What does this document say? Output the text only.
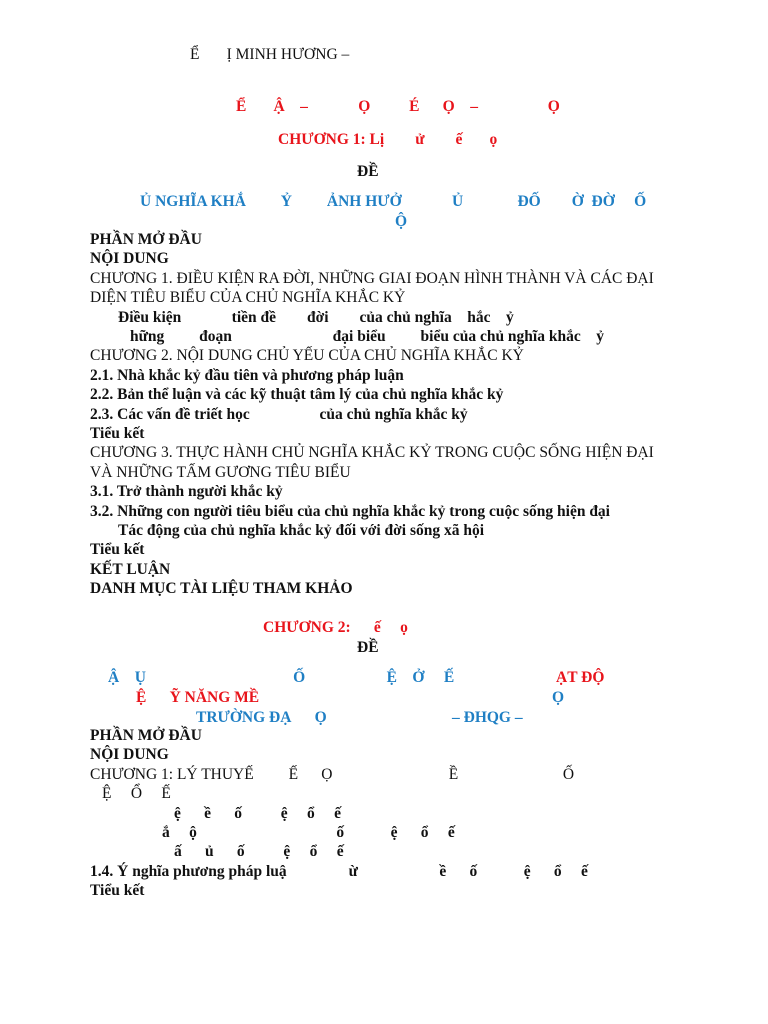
Ể       Ị MINH HƯƠNG –
Ể       Ậ    –             Ọ          É      Ọ    –                  Ọ
CHƯƠNG 1: Lị        ử        ế       ọ
ĐỀ
Ủ NGHĨA KHẮ         Ỷ         ẢNH HƯỞ             Ủ              ĐỐ        Ờ  ĐỜ     Ố
Ộ
PHẦN MỞ ĐẦU
NỘI DUNG
CHƯƠNG 1. ĐIỀU KIỆN RA ĐỜI, NHỮNG GIAI ĐOẠN HÌNH THÀNH VÀ CÁC ĐẠI
DIỆN TIÊU BIỂU CỦA CHỦ NGHĨA KHẮC KỶ
Điều kiện             tiền đề        đời        của chủ nghĩa    hắc    ỷ
hững         đoạn                          đại biểu         biểu của chủ nghĩa khắc    ỷ
CHƯƠNG 2. NỘI DUNG CHỦ YẾU CỦA CHỦ NGHĨA KHẮC KỶ
2.1. Nhà khắc kỷ đầu tiên và phương pháp luận
2.2. Bản thể luận và các kỹ thuật tâm lý của chủ nghĩa khắc kỷ
2.3. Các vấn đề triết học                  của chủ nghĩa khắc kỷ
Tiểu kết
CHƯƠNG 3. THỰC HÀNH CHỦ NGHĨA KHẮC KỶ TRONG CUỘC SỐNG HIỆN ĐẠI
VÀ NHỮNG TẤM GƯƠNG TIÊU BIỂU
3.1. Trở thành người khắc kỷ
3.2. Những con người tiêu biểu của chủ nghĩa khắc kỷ trong cuộc sống hiện đại
Tác động của chủ nghĩa khắc kỷ đối với đời sống xã hội
Tiểu kết
KẾT LUẬN
DANH MỤC TÀI LIỆU THAM KHẢO
CHƯƠNG 2:      ế     ọ
ĐỀ
Ậ    Ụ                                      Ố                     Ệ    Ở     Ế	ẠT ĐỘ
Ệ      Ỹ NĂNG MỀ	Ọ
TRƯỜNG ĐẠ      Ọ	– ĐHQG –
PHẦN MỞ ĐẦU
NỘI DUNG
CHƯƠNG 1: LÝ THUYẾ         Ế      Ọ                              Ề                           Ố
Ệ     Ổ     Ế
ệ      ề      ố          ệ     ổ     ế
ắ     ộ                                    ố            ệ      ổ     ế
ấ      ủ      ố          ệ     ổ     ế
1.4. Ý nghĩa phương pháp luậ                ừ                     ề      ố            ệ      ổ     ế
Tiểu kết
